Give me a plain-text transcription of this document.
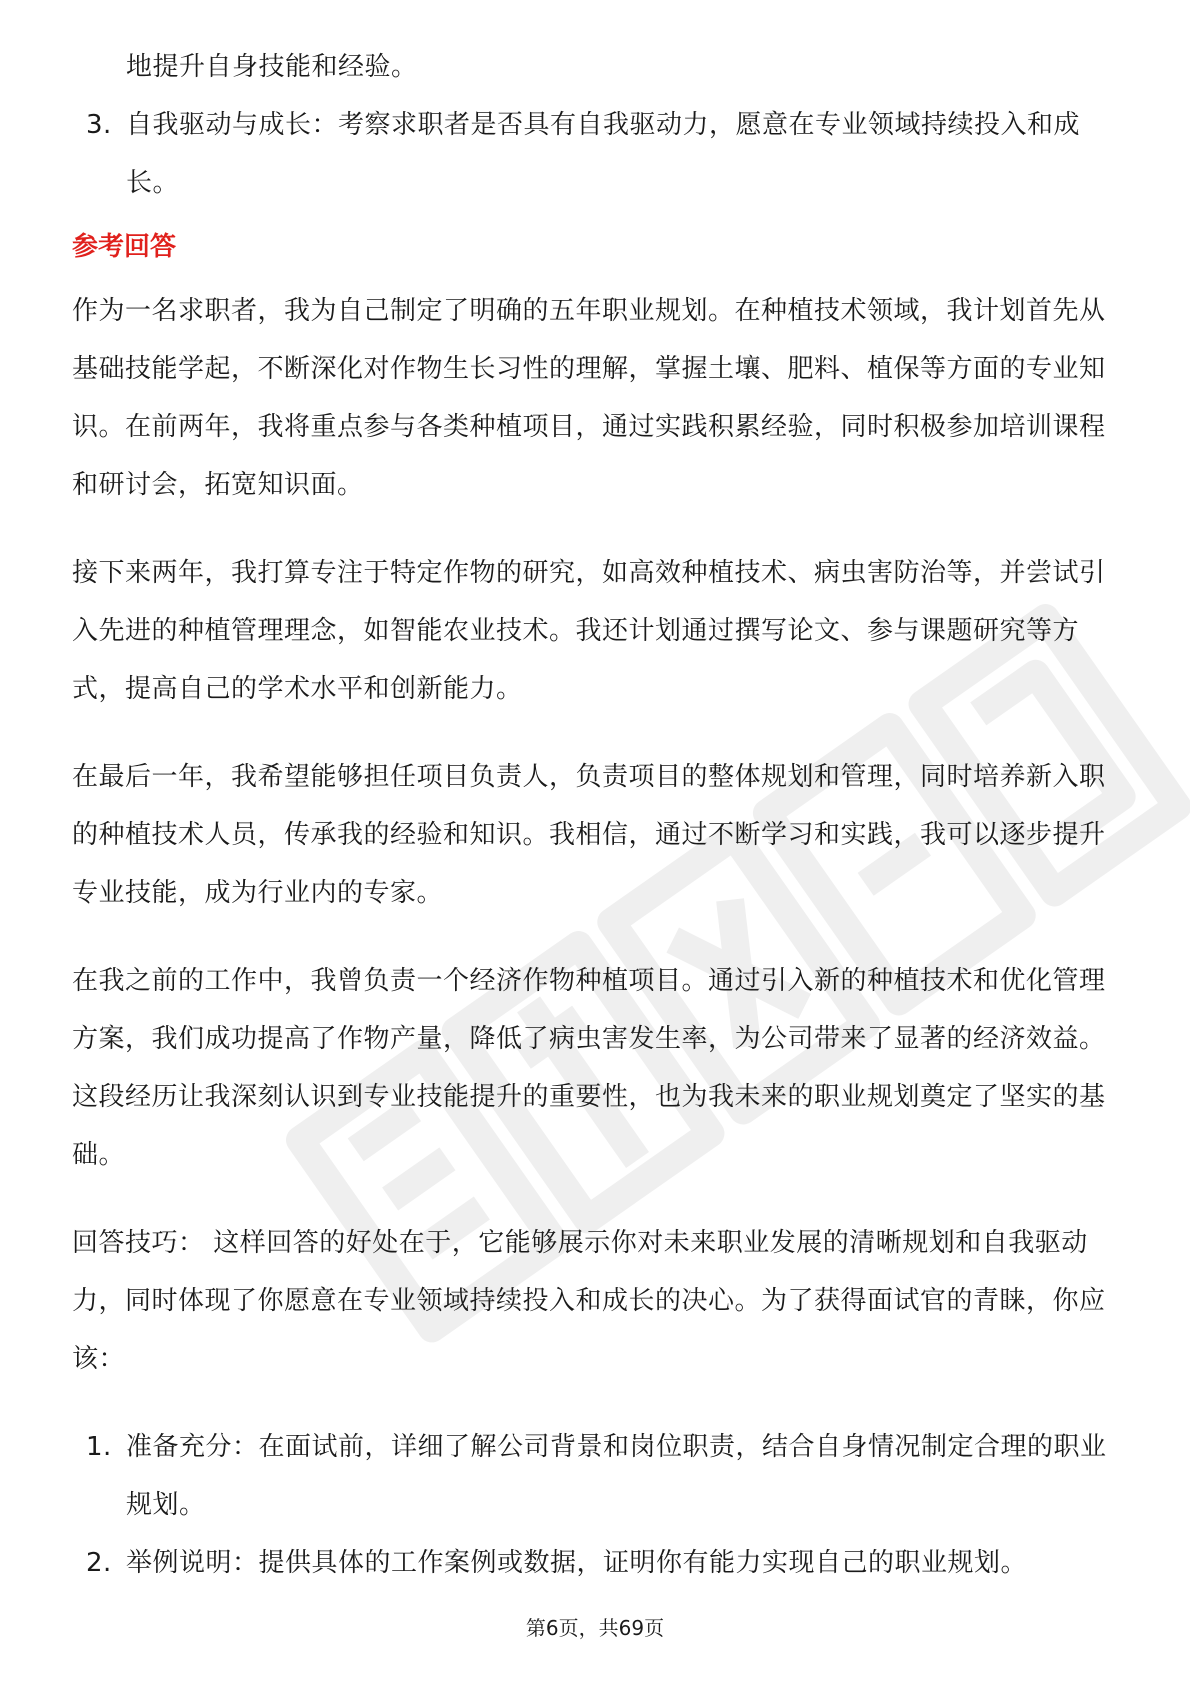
地提升自身技能和经验。

3. 自我驱动与成长：考察求职者是否具有自我驱动力，愿意在专业领域持续投入和成长。

参考回答

作为一名求职者，我为自己制定了明确的五年职业规划。在种植技术领域，我计划首先从基础技能学起，不断深化对作物生长习性的理解，掌握土壤、肥料、植保等方面的专业知识。在前两年，我将重点参与各类种植项目，通过实践积累经验，同时积极参加培训课程和研讨会，拓宽知识面。

接下来两年，我打算专注于特定作物的研究，如高效种植技术、病虫害防治等，并尝试引入先进的种植管理理念，如智能农业技术。我还计划通过撰写论文、参与课题研究等方式，提高自己的学术水平和创新能力。

在最后一年，我希望能够担任项目负责人，负责项目的整体规划和管理，同时培养新入职的种植技术人员，传承我的经验和知识。我相信，通过不断学习和实践，我可以逐步提升专业技能，成为行业内的专家。

在我之前的工作中，我曾负责一个经济作物种植项目。通过引入新的种植技术和优化管理方案，我们成功提高了作物产量，降低了病虫害发生率，为公司带来了显著的经济效益。这段经历让我深刻认识到专业技能提升的重要性，也为我未来的职业规划奠定了坚实的基础。

回答技巧： 这样回答的好处在于，它能够展示你对未来职业发展的清晰规划和自我驱动力，同时体现了你愿意在专业领域持续投入和成长的决心。为了获得面试官的青睐，你应该：

1. 准备充分：在面试前，详细了解公司背景和岗位职责，结合自身情况制定合理的职业规划。
2. 举例说明：提供具体的工作案例或数据，证明你有能力实现自己的职业规划。
第6页，共69页
